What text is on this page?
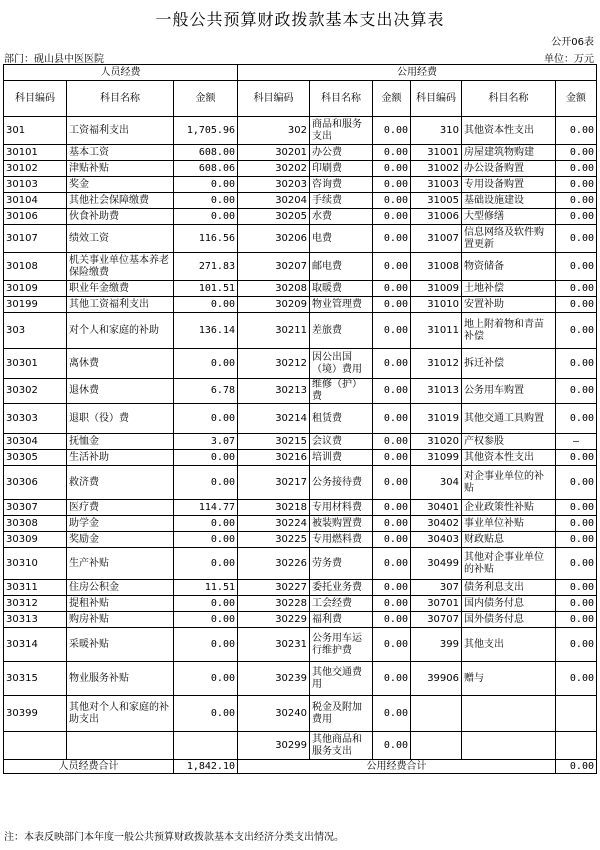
一般公共预算财政拨款基本支出决算表
公开06表
部门：砚山县中医医院	单位：万元
人员经费			公用经费					
科目编码	科目名称	金额	科目编码	科目名称	金额	科目编码	科目名称	金额
301	工资福利支出	1,705.96	302	商品和服务支出	0.00	310	其他资本性支出	0.00
30101	基本工资	608.00	30201	办公费	0.00	31001	房屋建筑物购建	0.00
30102	津贴补贴	608.06	30202	印刷费	0.00	31002	办公设备购置	0.00
30103	奖金	0.00	30203	咨询费	0.00	31003	专用设备购置	0.00
30104	其他社会保障缴费	0.00	30204	手续费	0.00	31005	基础设施建设	0.00
30106	伙食补助费	0.00	30205	水费	0.00	31006	大型修缮	0.00
30107	绩效工资	116.56	30206	电费	0.00	31007	信息网络及软件购置更新	0.00
30108	机关事业单位基本养老保险缴费	271.83	30207	邮电费	0.00	31008	物资储备	0.00
30109	职业年金缴费	101.51	30208	取暖费	0.00	31009	土地补偿	0.00
30199	其他工资福利支出	0.00	30209	物业管理费	0.00	31010	安置补助	0.00
303	对个人和家庭的补助	136.14	30211	差旅费	0.00	31011	地上附着物和青苗补偿	0.00
30301	离休费	0.00	30212	因公出国（境）费用	0.00	31012	拆迁补偿	0.00
30302	退休费	6.78	30213	维修（护）费	0.00	31013	公务用车购置	0.00
30303	退职（役）费	0.00	30214	租赁费	0.00	31019	其他交通工具购置	0.00
30304	抚恤金	3.07	30215	会议费	0.00	31020	产权参股	—
30305	生活补助	0.00	30216	培训费	0.00	31099	其他资本性支出	0.00
30306	救济费	0.00	30217	公务接待费	0.00	304	对企事业单位的补贴	0.00
30307	医疗费	114.77	30218	专用材料费	0.00	30401	企业政策性补贴	0.00
30308	助学金	0.00	30224	被装购置费	0.00	30402	事业单位补贴	0.00
30309	奖励金	0.00	30225	专用燃料费	0.00	30403	财政贴息	0.00
30310	生产补贴	0.00	30226	劳务费	0.00	30499	其他对企事业单位的补贴	0.00
30311	住房公积金	11.51	30227	委托业务费	0.00	307	债务利息支出	0.00
30312	提租补贴	0.00	30228	工会经费	0.00	30701	国内债务付息	0.00
30313	购房补贴	0.00	30229	福利费	0.00	30707	国外债务付息	0.00
30314	采暖补贴	0.00	30231	公务用车运行维护费	0.00	399	其他支出	0.00
30315	物业服务补贴	0.00	30239	其他交通费用	0.00	39906	赠与	0.00
30399	其他对个人和家庭的补助支出	0.00	30240	税金及附加费用	0.00			
			30299	其他商品和服务支出	0.00			
人员经费合计		1,842.10	公用经费合计					0.00
注：本表反映部门本年度一般公共预算财政拨款基本支出经济分类支出情况。
